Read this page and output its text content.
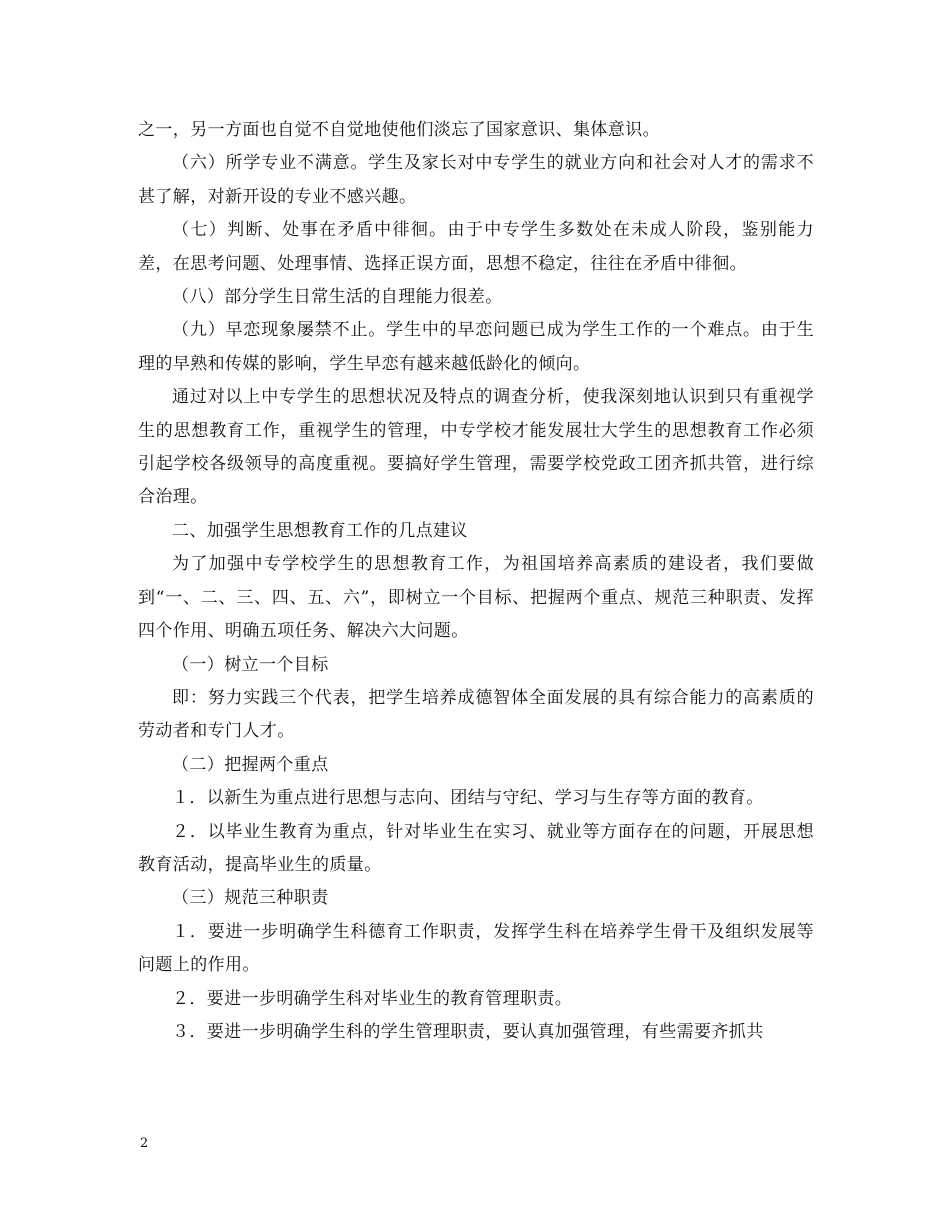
之一，另一方面也自觉不自觉地使他们淡忘了国家意识、集体意识。

（六）所学专业不满意。学生及家长对中专学生的就业方向和社会对人才的需求不甚了解，对新开设的专业不感兴趣。

（七）判断、处事在矛盾中徘徊。由于中专学生多数处在未成人阶段，鉴别能力差，在思考问题、处理事情、选择正误方面，思想不稳定，往往在矛盾中徘徊。

（八）部分学生日常生活的自理能力很差。

（九）早恋现象屡禁不止。学生中的早恋问题已成为学生工作的一个难点。由于生理的早熟和传媒的影响，学生早恋有越来越低龄化的倾向。

通过对以上中专学生的思想状况及特点的调查分析，使我深刻地认识到只有重视学生的思想教育工作，重视学生的管理，中专学校才能发展壮大学生的思想教育工作必须引起学校各级领导的高度重视。要搞好学生管理，需要学校党政工团齐抓共管，进行综合治理。

二、加强学生思想教育工作的几点建议

为了加强中专学校学生的思想教育工作，为祖国培养高素质的建设者，我们要做到“一、二、三、四、五、六”，即树立一个目标、把握两个重点、规范三种职责、发挥四个作用、明确五项任务、解决六大问题。

（一）树立一个目标

即：努力实践三个代表，把学生培养成德智体全面发展的具有综合能力的高素质的劳动者和专门人才。

（二）把握两个重点

１．以新生为重点进行思想与志向、团结与守纪、学习与生存等方面的教育。

２．以毕业生教育为重点，针对毕业生在实习、就业等方面存在的问题，开展思想教育活动，提高毕业生的质量。

（三）规范三种职责

１．要进一步明确学生科德育工作职责，发挥学生科在培养学生骨干及组织发展等问题上的作用。

２．要进一步明确学生科对毕业生的教育管理职责。

３．要进一步明确学生科的学生管理职责，要认真加强管理，有些需要齐抓共

2
